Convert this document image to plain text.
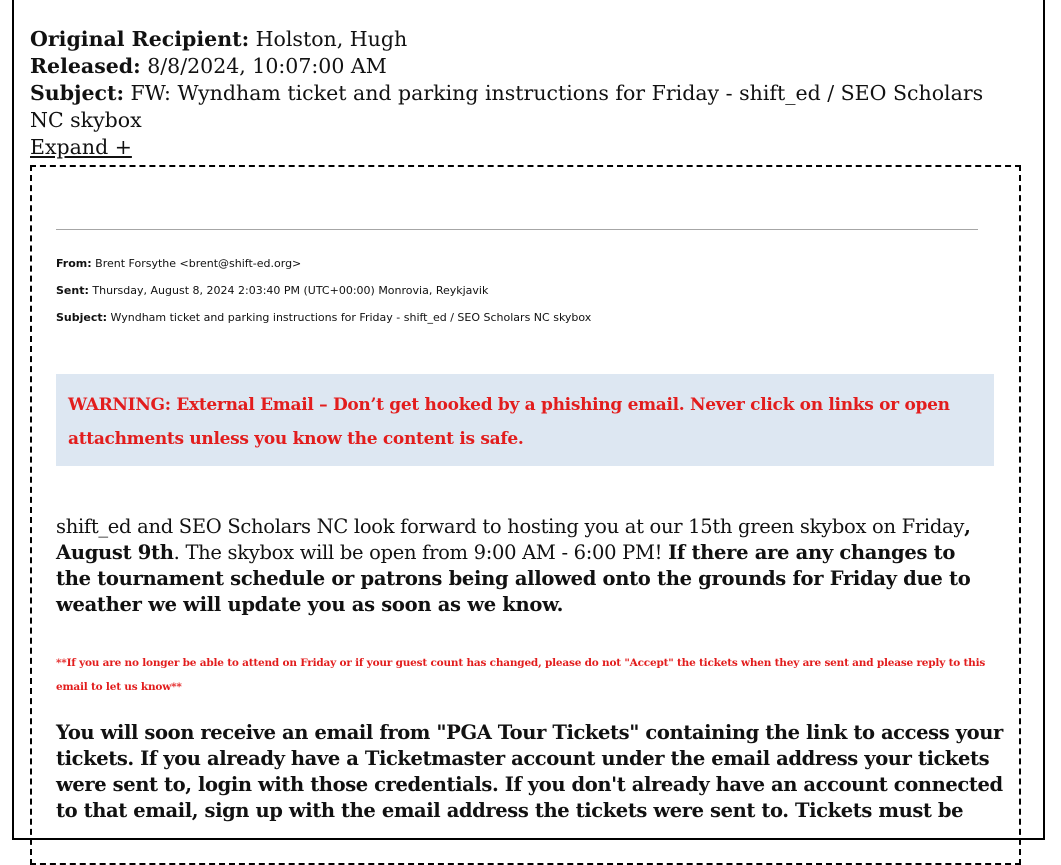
Original Recipient: Holston, Hugh
Released: 8/8/2024, 10:07:00 AM
Subject: FW: Wyndham ticket and parking instructions for Friday - shift_ed / SEO Scholars NC skybox
Expand +
From: Brent Forsythe <brent@shift-ed.org>
Sent: Thursday, August 8, 2024 2:03:40 PM (UTC+00:00) Monrovia, Reykjavik
Subject: Wyndham ticket and parking instructions for Friday - shift_ed / SEO Scholars NC skybox
WARNING: External Email – Don’t get hooked by a phishing email. Never click on links or open attachments unless you know the content is safe.
shift_ed and SEO Scholars NC look forward to hosting you at our 15th green skybox on Friday, August 9th. The skybox will be open from 9:00 AM - 6:00 PM! If there are any changes to the tournament schedule or patrons being allowed onto the grounds for Friday due to weather we will update you as soon as we know.
**If you are no longer be able to attend on Friday or if your guest count has changed, please do not "Accept" the tickets when they are sent and please reply to this email to let us know**
You will soon receive an email from "PGA Tour Tickets" containing the link to access your tickets. If you already have a Ticketmaster account under the email address your tickets were sent to, login with those credentials. If you don't already have an account connected to that email, sign up with the email address the tickets were sent to. Tickets must be
